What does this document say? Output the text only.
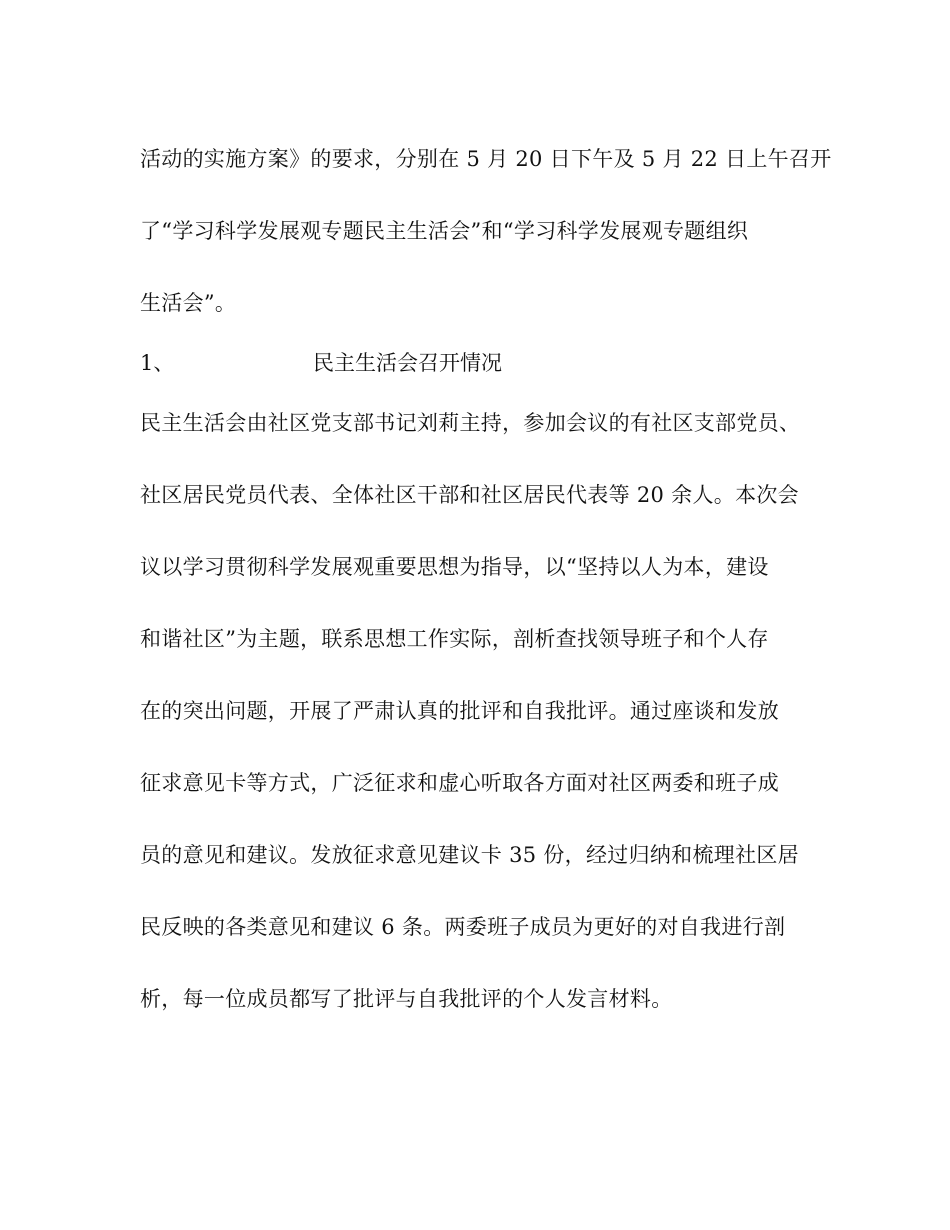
活动的实施方案》的要求，分别在 5 月 20 日下午及 5 月 22 日上午召开
了“学习科学发展观专题民主生活会”和“学习科学发展观专题组织
生活会”。
1、	民主生活会召开情况
民主生活会由社区党支部书记刘莉主持，参加会议的有社区支部党员、
社区居民党员代表、全体社区干部和社区居民代表等 20 余人。本次会
议以学习贯彻科学发展观重要思想为指导，以“坚持以人为本，建设
和谐社区”为主题，联系思想工作实际，剖析查找领导班子和个人存
在的突出问题，开展了严肃认真的批评和自我批评。通过座谈和发放
征求意见卡等方式，广泛征求和虚心听取各方面对社区两委和班子成
员的意见和建议。发放征求意见建议卡 35 份，经过归纳和梳理社区居
民反映的各类意见和建议 6 条。两委班子成员为更好的对自我进行剖
析，每一位成员都写了批评与自我批评的个人发言材料。
